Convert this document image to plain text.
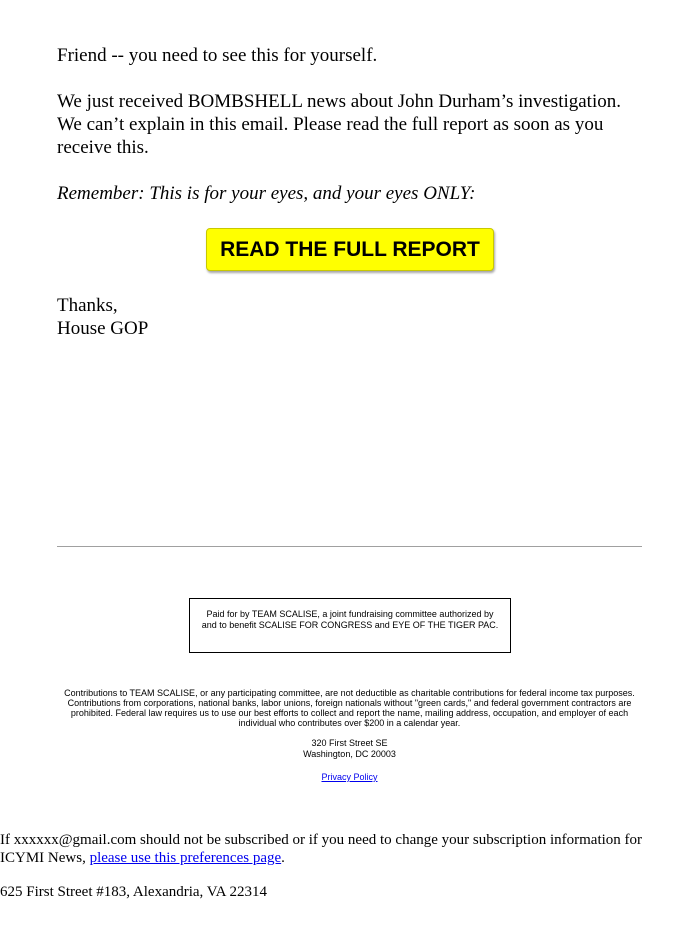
Friend -- you need to see this for yourself.

We just received BOMBSHELL news about John Durham’s investigation. We can’t explain in this email. Please read the full report as soon as you receive this.

Remember: This is for your eyes, and your eyes ONLY:

READ THE FULL REPORT
Thanks,
House GOP
Paid for by TEAM SCALISE, a joint fundraising committee authorized by and to benefit SCALISE FOR CONGRESS and EYE OF THE TIGER PAC.
Contributions to TEAM SCALISE, or any participating committee, are not deductible as charitable contributions for federal income tax purposes. Contributions from corporations, national banks, labor unions, foreign nationals without "green cards," and federal government contractors are prohibited. Federal law requires us to use our best efforts to collect and report the name, mailing address, occupation, and employer of each individual who contributes over $200 in a calendar year.
320 First Street SE
Washington, DC 20003
Privacy Policy
If xxxxxx@gmail.com should not be subscribed or if you need to change your subscription information for ICYMI News, please use this preferences page.
625 First Street #183, Alexandria, VA 22314
